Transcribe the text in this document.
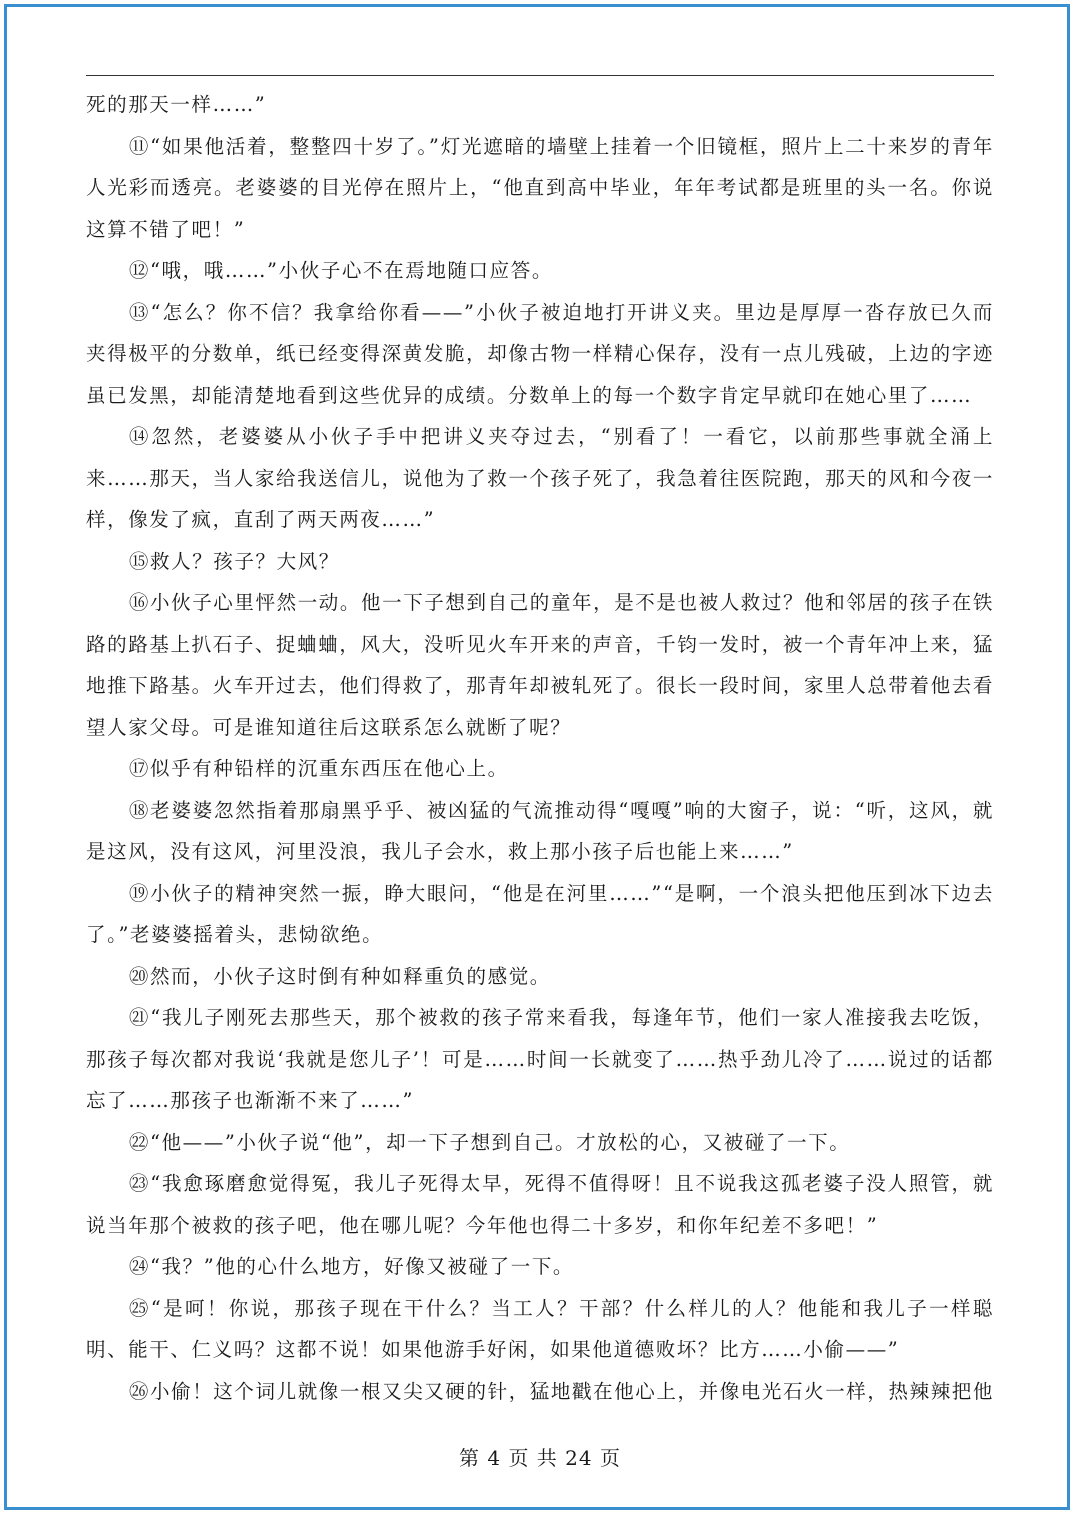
死的那天一样……”

⑪“如果他活着，整整四十岁了。”灯光遮暗的墙壁上挂着一个旧镜框，照片上二十来岁的青年人光彩而透亮。老婆婆的目光停在照片上，“他直到高中毕业，年年考试都是班里的头一名。你说这算不错了吧！”

⑫“哦，哦……”小伙子心不在焉地随口应答。

⑬“怎么？你不信？我拿给你看——”小伙子被迫地打开讲义夹。里边是厚厚一沓存放已久而夹得极平的分数单，纸已经变得深黄发脆，却像古物一样精心保存，没有一点儿残破，上边的字迹虽已发黑，却能清楚地看到这些优异的成绩。分数单上的每一个数字肯定早就印在她心里了……

⑭忽然，老婆婆从小伙子手中把讲义夹夺过去，“别看了！一看它，以前那些事就全涌上来……那天，当人家给我送信儿，说他为了救一个孩子死了，我急着往医院跑，那天的风和今夜一样，像发了疯，直刮了两天两夜……”

⑮救人？孩子？大风？

⑯小伙子心里怦然一动。他一下子想到自己的童年，是不是也被人救过？他和邻居的孩子在铁路的路基上扒石子、捉蛐蛐，风大，没听见火车开来的声音，千钧一发时，被一个青年冲上来，猛地推下路基。火车开过去，他们得救了，那青年却被轧死了。很长一段时间，家里人总带着他去看望人家父母。可是谁知道往后这联系怎么就断了呢？

⑰似乎有种铅样的沉重东西压在他心上。

⑱老婆婆忽然指着那扇黑乎乎、被凶猛的气流推动得“嘎嘎”响的大窗子，说：“听，这风，就是这风，没有这风，河里没浪，我儿子会水，救上那小孩子后也能上来……”

⑲小伙子的精神突然一振，睁大眼问，“他是在河里……”“是啊，一个浪头把他压到冰下边去了。”老婆婆摇着头，悲恸欲绝。

⑳然而，小伙子这时倒有种如释重负的感觉。

㉑“我儿子刚死去那些天，那个被救的孩子常来看我，每逢年节，他们一家人准接我去吃饭，那孩子每次都对我说‘我就是您儿子’！可是……时间一长就变了……热乎劲儿冷了……说过的话都忘了……那孩子也渐渐不来了……”

㉒“他——”小伙子说“他”，却一下子想到自己。才放松的心，又被碰了一下。

㉓“我愈琢磨愈觉得冤，我儿子死得太早，死得不值得呀！且不说我这孤老婆子没人照管，就说当年那个被救的孩子吧，他在哪儿呢？今年他也得二十多岁，和你年纪差不多吧！”

㉔“我？”他的心什么地方，好像又被碰了一下。

㉕“是呵！你说，那孩子现在干什么？当工人？干部？什么样儿的人？他能和我儿子一样聪明、能干、仁义吗？这都不说！如果他游手好闲，如果他道德败坏？比方……小偷——”

㉖小偷！这个词儿就像一根又尖又硬的针，猛地戳在他心上，并像电光石火一样，热辣辣把他

第 4 页 共 24 页
